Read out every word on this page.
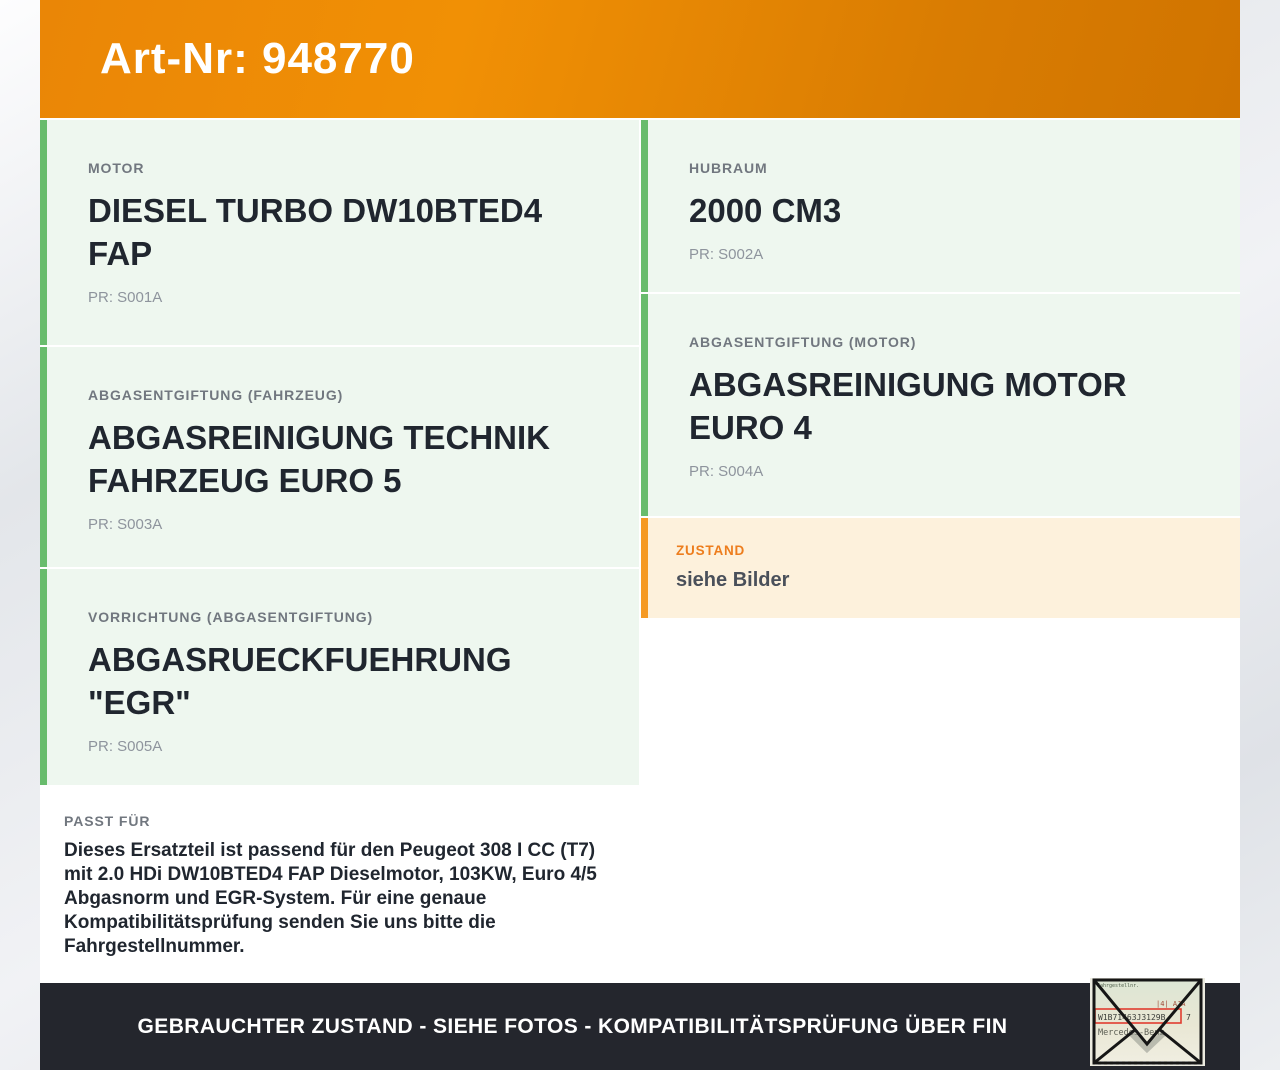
Art-Nr: 948770
MOTOR
DIESEL TURBO DW10BTED4 FAP
PR: S001A
ABGASENTGIFTUNG (FAHRZEUG)
ABGASREINIGUNG TECHNIK FAHRZEUG EURO 5
PR: S003A
VORRICHTUNG (ABGASENTGIFTUNG)
ABGASRUECKFUEHRUNG "EGR"
PR: S005A
PASST FÜR
Dieses Ersatzteil ist passend für den Peugeot 308 I CC (T7) mit 2.0 HDi DW10BTED4 FAP Dieselmotor, 103KW, Euro 4/5 Abgasnorm und EGR-System. Für eine genaue Kompatibilitätsprüfung senden Sie uns bitte die Fahrgestellnummer.
HUBRAUM
2000 CM3
PR: S002A
ABGASENTGIFTUNG (MOTOR)
ABGASREINIGUNG MOTOR EURO 4
PR: S004A
ZUSTAND
siehe Bilder
GEBRAUCHTER ZUSTAND - SIEHE FOTOS - KOMPATIBILITÄTSPRÜFUNG ÜBER FIN
Fahrgestellnr.
|4| AJA
W1B71463J3129B	7
Mercedes-Benz
